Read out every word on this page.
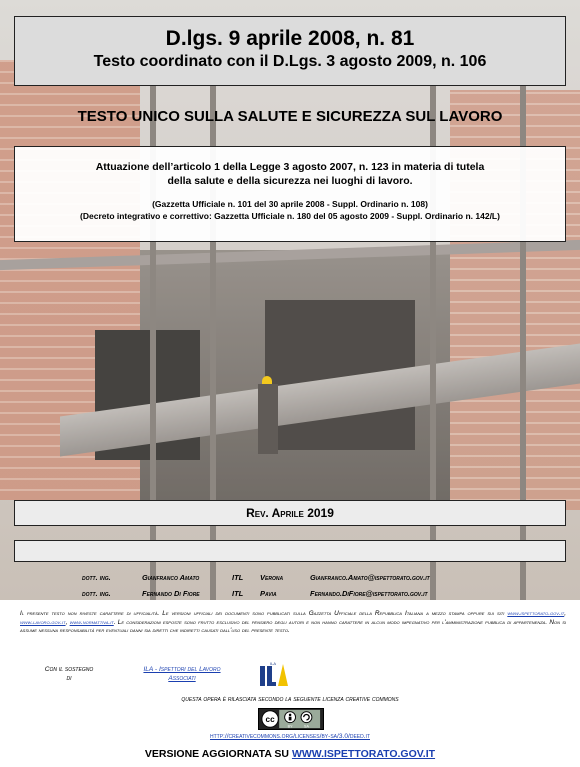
D.lgs. 9 aprile 2008, n. 81
Testo coordinato con il D.Lgs. 3 agosto 2009, n. 106
TESTO UNICO SULLA SALUTE E SICUREZZA SUL LAVORO
Attuazione dell’articolo 1 della Legge 3 agosto 2007, n. 123 in materia di tutela
della salute e della sicurezza nei luoghi di lavoro.
(Gazzetta Ufficiale n. 101 del 30 aprile 2008 - Suppl. Ordinario n. 108)
(Decreto integrativo e correttivo: Gazzetta Ufficiale n. 180 del 05 agosto 2009 - Suppl. Ordinario n. 142/L)
Rev. Aprile 2019
dott. ing.	Gianfranco Amato	ITL Verona	Gianfranco.Amato@ispettorato.gov.it
dott. ing.	Fernando Di Fiore	ITL Pavia	Fernando.DiFiore@ispettorato.gov.it
Il presente testo non riveste carattere di ufficialità. Le versioni ufficiali dei documenti sono pubblicati sulla Gazzetta Ufficiale della Repubblica Italiana a mezzo stampa oppure sui siti www.ispettorato.gov.it, www.lavoro.gov.it, www.normattiva.it. Le considerazioni esposte sono frutto esclusivo del pensiero degli autori e non hanno carattere in alcun modo impegnativo per l'amministrazione pubblica di appartenenza. Non si assume nessuna responsabilità per eventuali danni sia diretti che indiretti causati dall'uso del presente testo.
Con il sostegno
di
ILA - Ispettori del Lavoro
Associati
ILA
questa opera è rilasciata secondo la seguente licenza creative commons
cc
BY	SA
http://creativecommons.org/licenses/by-sa/3.0/deed.it
VERSIONE AGGIORNATA SU WWW.ISPETTORATO.GOV.IT
